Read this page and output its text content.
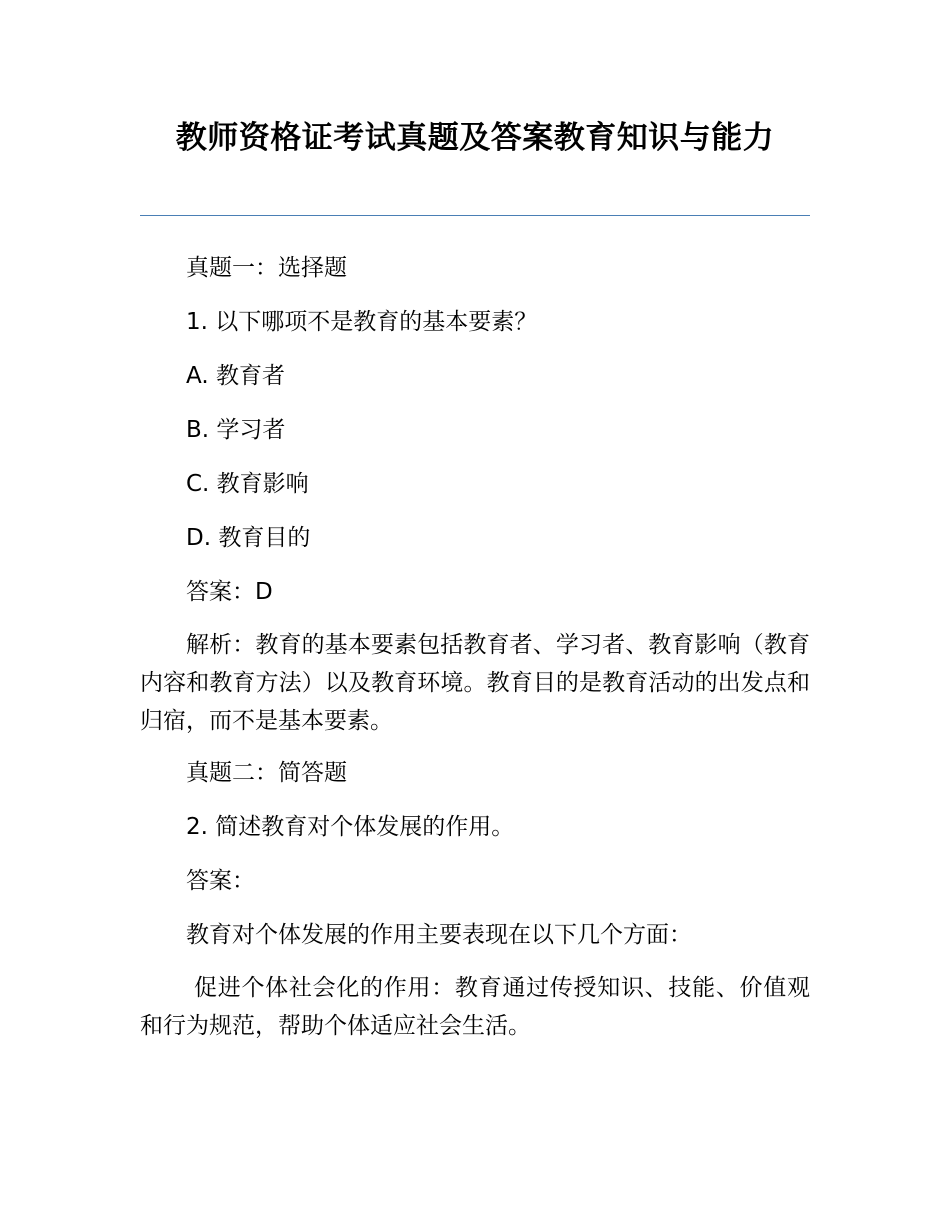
教师资格证考试真题及答案教育知识与能力

真题一：选择题

1. 以下哪项不是教育的基本要素？

A. 教育者

B. 学习者

C. 教育影响

D. 教育目的

答案：D

解析：教育的基本要素包括教育者、学习者、教育影响（教育内容和教育方法）以及教育环境。教育目的是教育活动的出发点和归宿，而不是基本要素。

真题二：简答题

2. 简述教育对个体发展的作用。

答案：

教育对个体发展的作用主要表现在以下几个方面：

促进个体社会化的作用：教育通过传授知识、技能、价值观和行为规范，帮助个体适应社会生活。
